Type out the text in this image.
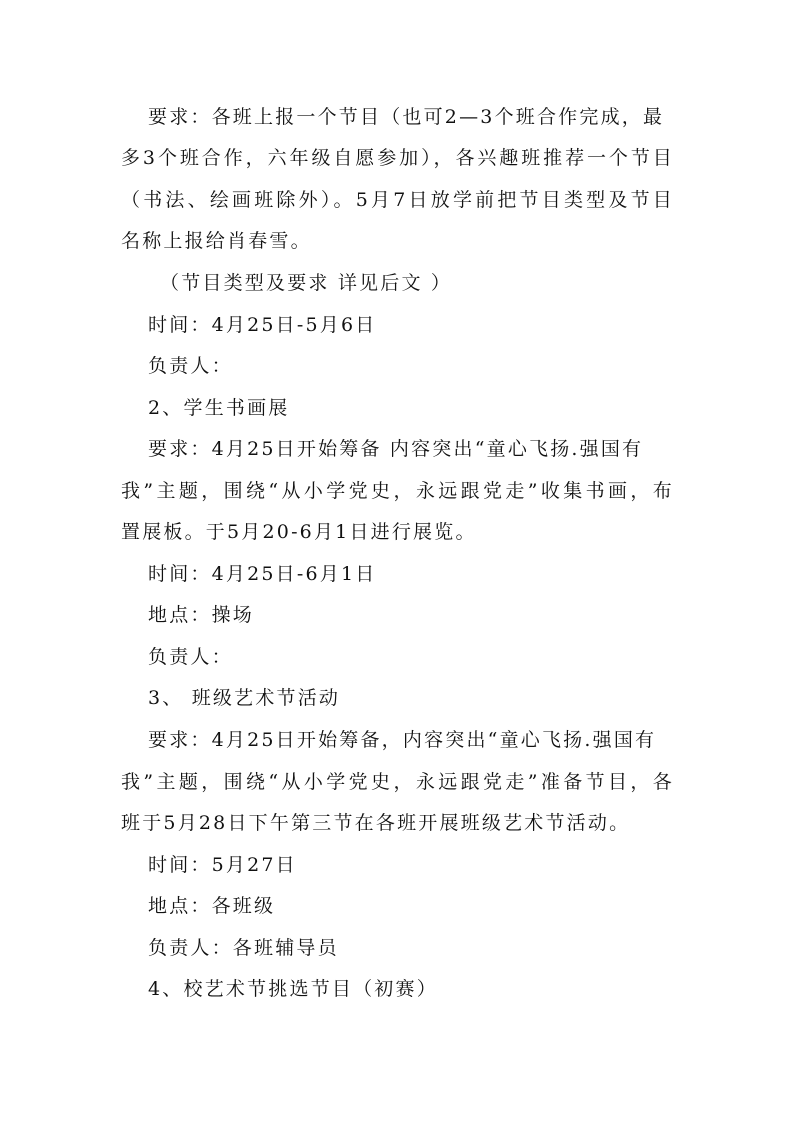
要求：各班上报一个节目（也可2—3个班合作完成，最
多3个班合作，六年级自愿参加），各兴趣班推荐一个节目
（书法、绘画班除外）。5月7日放学前把节目类型及节目
名称上报给肖春雪。
（节目类型及要求 详见后文 ）
时间：4月25日-5月6日
负责人：
2、学生书画展
要求：4月25日开始筹备 内容突出“童心飞扬.强国有
我”主题，围绕“从小学党史，永远跟党走”收集书画，布
置展板。于5月20-6月1日进行展览。
时间：4月25日-6月1日
地点：操场
负责人：
3、 班级艺术节活动
要求：4月25日开始筹备，内容突出“童心飞扬.强国有
我”主题，围绕“从小学党史，永远跟党走”准备节目，各
班于5月28日下午第三节在各班开展班级艺术节活动。
时间：5月27日
地点：各班级
负责人：各班辅导员
4、校艺术节挑选节目（初赛）
